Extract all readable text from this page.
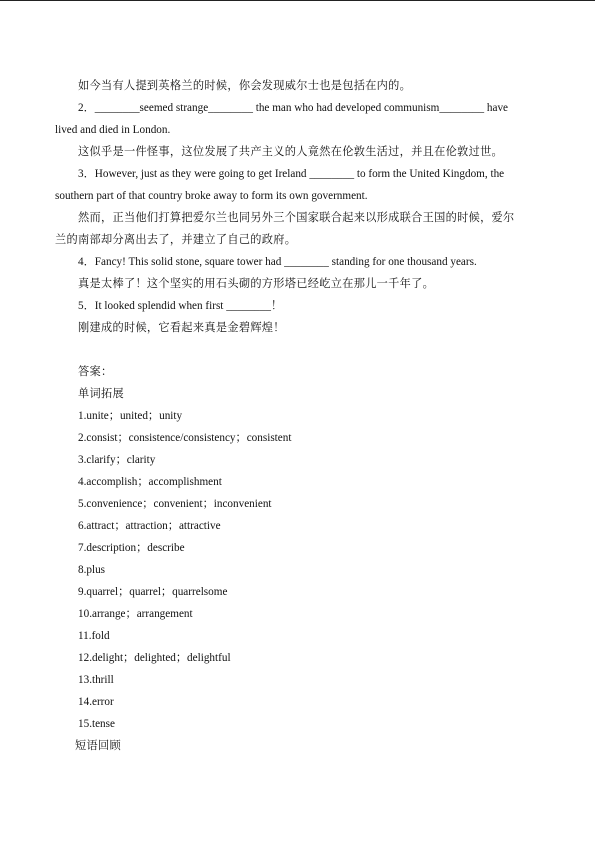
如今当有人提到英格兰的时候，你会发现威尔士也是包括在内的。
2．________seemed strange________ the man who had developed communism________ have
lived and died in London.
这似乎是一件怪事，这位发展了共产主义的人竟然在伦敦生活过，并且在伦敦过世。
3．However, just as they were going to get Ireland ________ to form the United Kingdom, the
southern part of that country broke away to form its own government.
然而，正当他们打算把爱尔兰也同另外三个国家联合起来以形成联合王国的时候，爱尔
兰的南部却分离出去了，并建立了自己的政府。
4．Fancy! This solid stone, square tower had ________ standing for one thousand years.
真是太棒了！这个坚实的用石头砌的方形塔已经屹立在那儿一千年了。
5．It looked splendid when first ________！
刚建成的时候，它看起来真是金碧辉煌！
答案：
单词拓展
1.unite；united；unity
2.consist；consistence/consistency；consistent
3.clarify；clarity
4.accomplish；accomplishment
5.convenience；convenient；inconvenient
6.attract；attraction；attractive
7.description；describe
8.plus
9.quarrel；quarrel；quarrelsome
10.arrange；arrangement
11.fold
12.delight；delighted；delightful
13.thrill
14.error
15.tense
短语回顾
